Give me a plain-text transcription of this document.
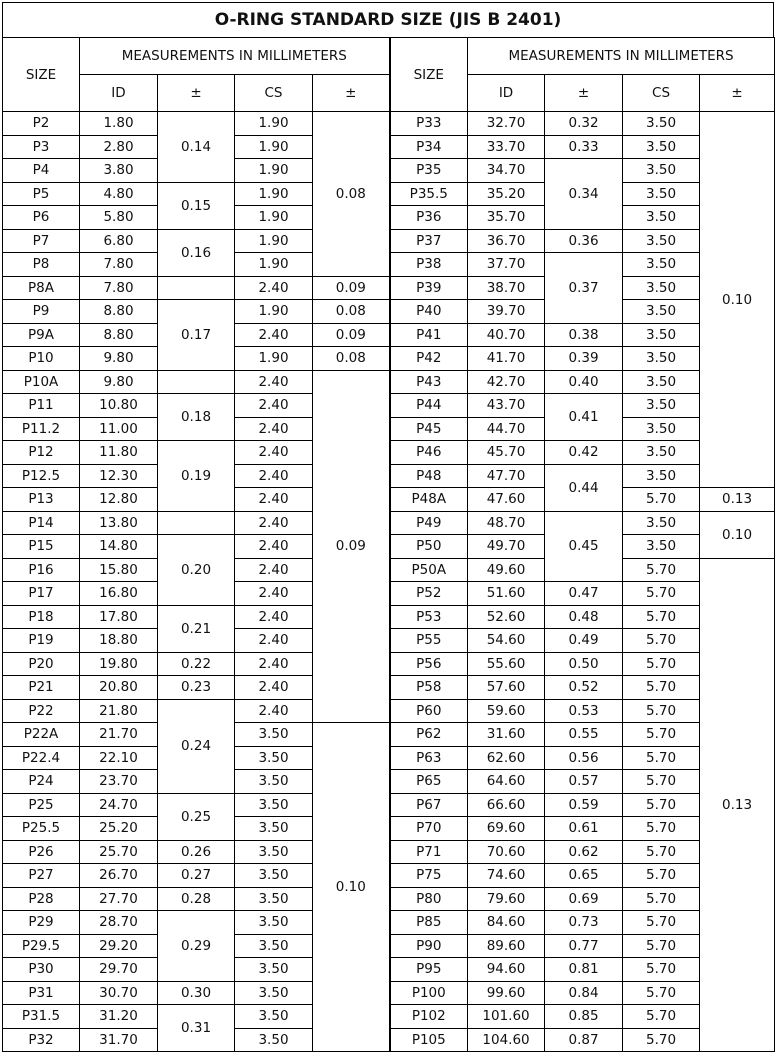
O-RING STANDARD SIZE (JIS B 2401)
SIZE	MEASUREMENTS IN MILLIMETERS				SIZE	MEASUREMENTS IN MILLIMETERS			
	ID	±	CS	±		ID	±	CS	±
P2	1.80	0.14	1.90	0.08	P33	32.70	0.32	3.50	0.10
P3	2.80		1.90		P34	33.70	0.33	3.50	
P4	3.80		1.90		P35	34.70	0.34	3.50	
P5	4.80	0.15	1.90		P35.5	35.20		3.50	
P6	5.80		1.90		P36	35.70		3.50	
P7	6.80	0.16	1.90		P37	36.70	0.36	3.50	
P8	7.80		1.90		P38	37.70	0.37	3.50	
P8A	7.80		2.40	0.09	P39	38.70		3.50	
P9	8.80	0.17	1.90	0.08	P40	39.70		3.50	
P9A	8.80		2.40	0.09	P41	40.70	0.38	3.50	
P10	9.80		1.90	0.08	P42	41.70	0.39	3.50	
P10A	9.80		2.40	0.09	P43	42.70	0.40	3.50	
P11	10.80	0.18	2.40		P44	43.70	0.41	3.50	
P11.2	11.00		2.40		P45	44.70		3.50	
P12	11.80	0.19	2.40		P46	45.70	0.42	3.50	
P12.5	12.30		2.40		P48	47.70	0.44	3.50	
P13	12.80		2.40		P48A	47.60		5.70	0.13
P14	13.80		2.40		P49	48.70	0.45	3.50	0.10
P15	14.80	0.20	2.40		P50	49.70		3.50	
P16	15.80		2.40		P50A	49.60		5.70	0.13
P17	16.80		2.40		P52	51.60	0.47	5.70	
P18	17.80	0.21	2.40		P53	52.60	0.48	5.70	
P19	18.80		2.40		P55	54.60	0.49	5.70	
P20	19.80	0.22	2.40		P56	55.60	0.50	5.70	
P21	20.80	0.23	2.40		P58	57.60	0.52	5.70	
P22	21.80	0.24	2.40		P60	59.60	0.53	5.70	
P22A	21.70		3.50	0.10	P62	31.60	0.55	5.70	
P22.4	22.10		3.50		P63	62.60	0.56	5.70	
P24	23.70		3.50		P65	64.60	0.57	5.70	
P25	24.70	0.25	3.50		P67	66.60	0.59	5.70	
P25.5	25.20		3.50		P70	69.60	0.61	5.70	
P26	25.70	0.26	3.50		P71	70.60	0.62	5.70	
P27	26.70	0.27	3.50		P75	74.60	0.65	5.70	
P28	27.70	0.28	3.50		P80	79.60	0.69	5.70	
P29	28.70	0.29	3.50		P85	84.60	0.73	5.70	
P29.5	29.20		3.50		P90	89.60	0.77	5.70	
P30	29.70		3.50		P95	94.60	0.81	5.70	
P31	30.70	0.30	3.50		P100	99.60	0.84	5.70	
P31.5	31.20	0.31	3.50		P102	101.60	0.85	5.70	
P32	31.70		3.50		P105	104.60	0.87	5.70	
